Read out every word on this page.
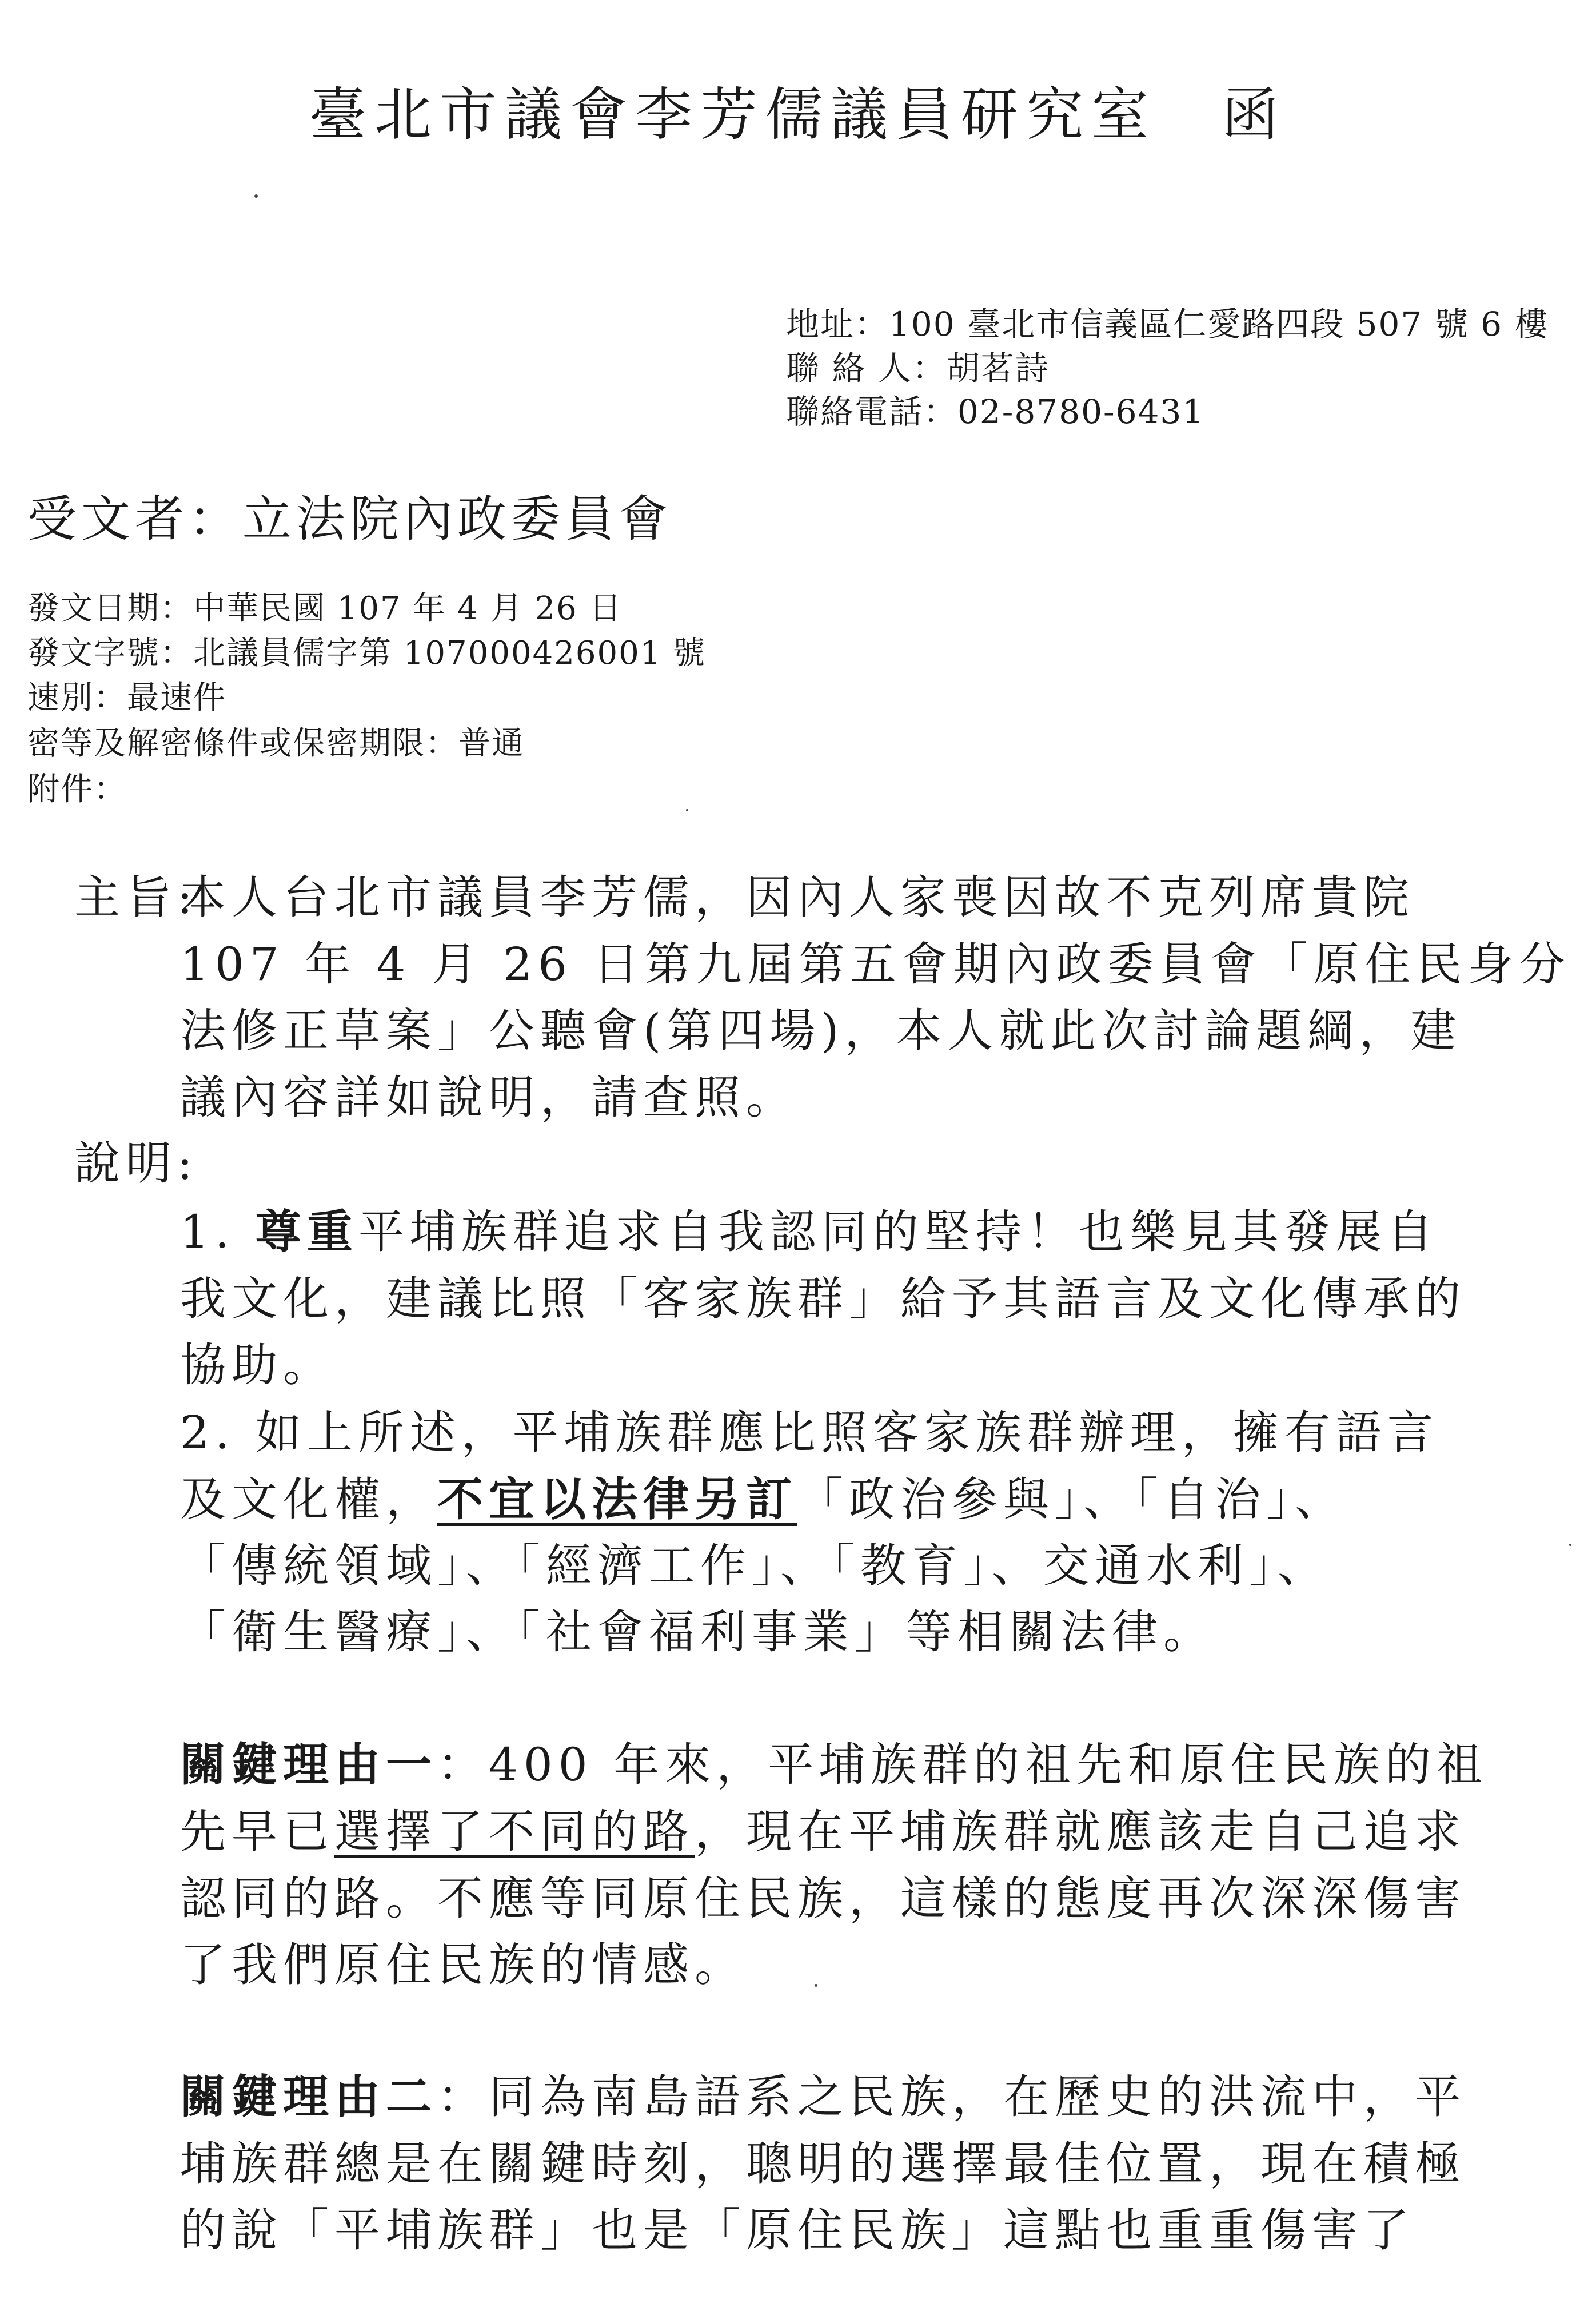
臺北市議會李芳儒議員研究室　函
地址：100 臺北市信義區仁愛路四段 507 號 6 樓
聯 絡 人：胡茗詩
聯絡電話：02-8780-6431
受文者：立法院內政委員會
發文日期：中華民國 107 年 4 月 26 日
發文字號：北議員儒字第 107000426001 號
速別：最速件
密等及解密條件或保密期限：普通
附件：
主旨:
本人台北市議員李芳儒，因內人家喪因故不克列席貴院
107 年 4 月 26 日第九屆第五會期內政委員會「原住民身分
法修正草案」公聽會(第四場)，本人就此次討論題綱，建
議內容詳如說明，請查照。
說明:
1. 尊重平埔族群追求自我認同的堅持！也樂見其發展自
我文化，建議比照「客家族群」給予其語言及文化傳承的
協助。
2. 如上所述，平埔族群應比照客家族群辦理，擁有語言
及文化權，不宜以法律另訂「政治參與」、「自治」、
「傳統領域」、「經濟工作」、「教育」、交通水利」、
「衛生醫療」、「社會福利事業」等相關法律。
關鍵理由一：400 年來，平埔族群的祖先和原住民族的祖
先早已選擇了不同的路，現在平埔族群就應該走自己追求
認同的路。不應等同原住民族，這樣的態度再次深深傷害
了我們原住民族的情感。
關鍵理由二：同為南島語系之民族，在歷史的洪流中，平
埔族群總是在關鍵時刻，聰明的選擇最佳位置，現在積極
的說「平埔族群」也是「原住民族」這點也重重傷害了
